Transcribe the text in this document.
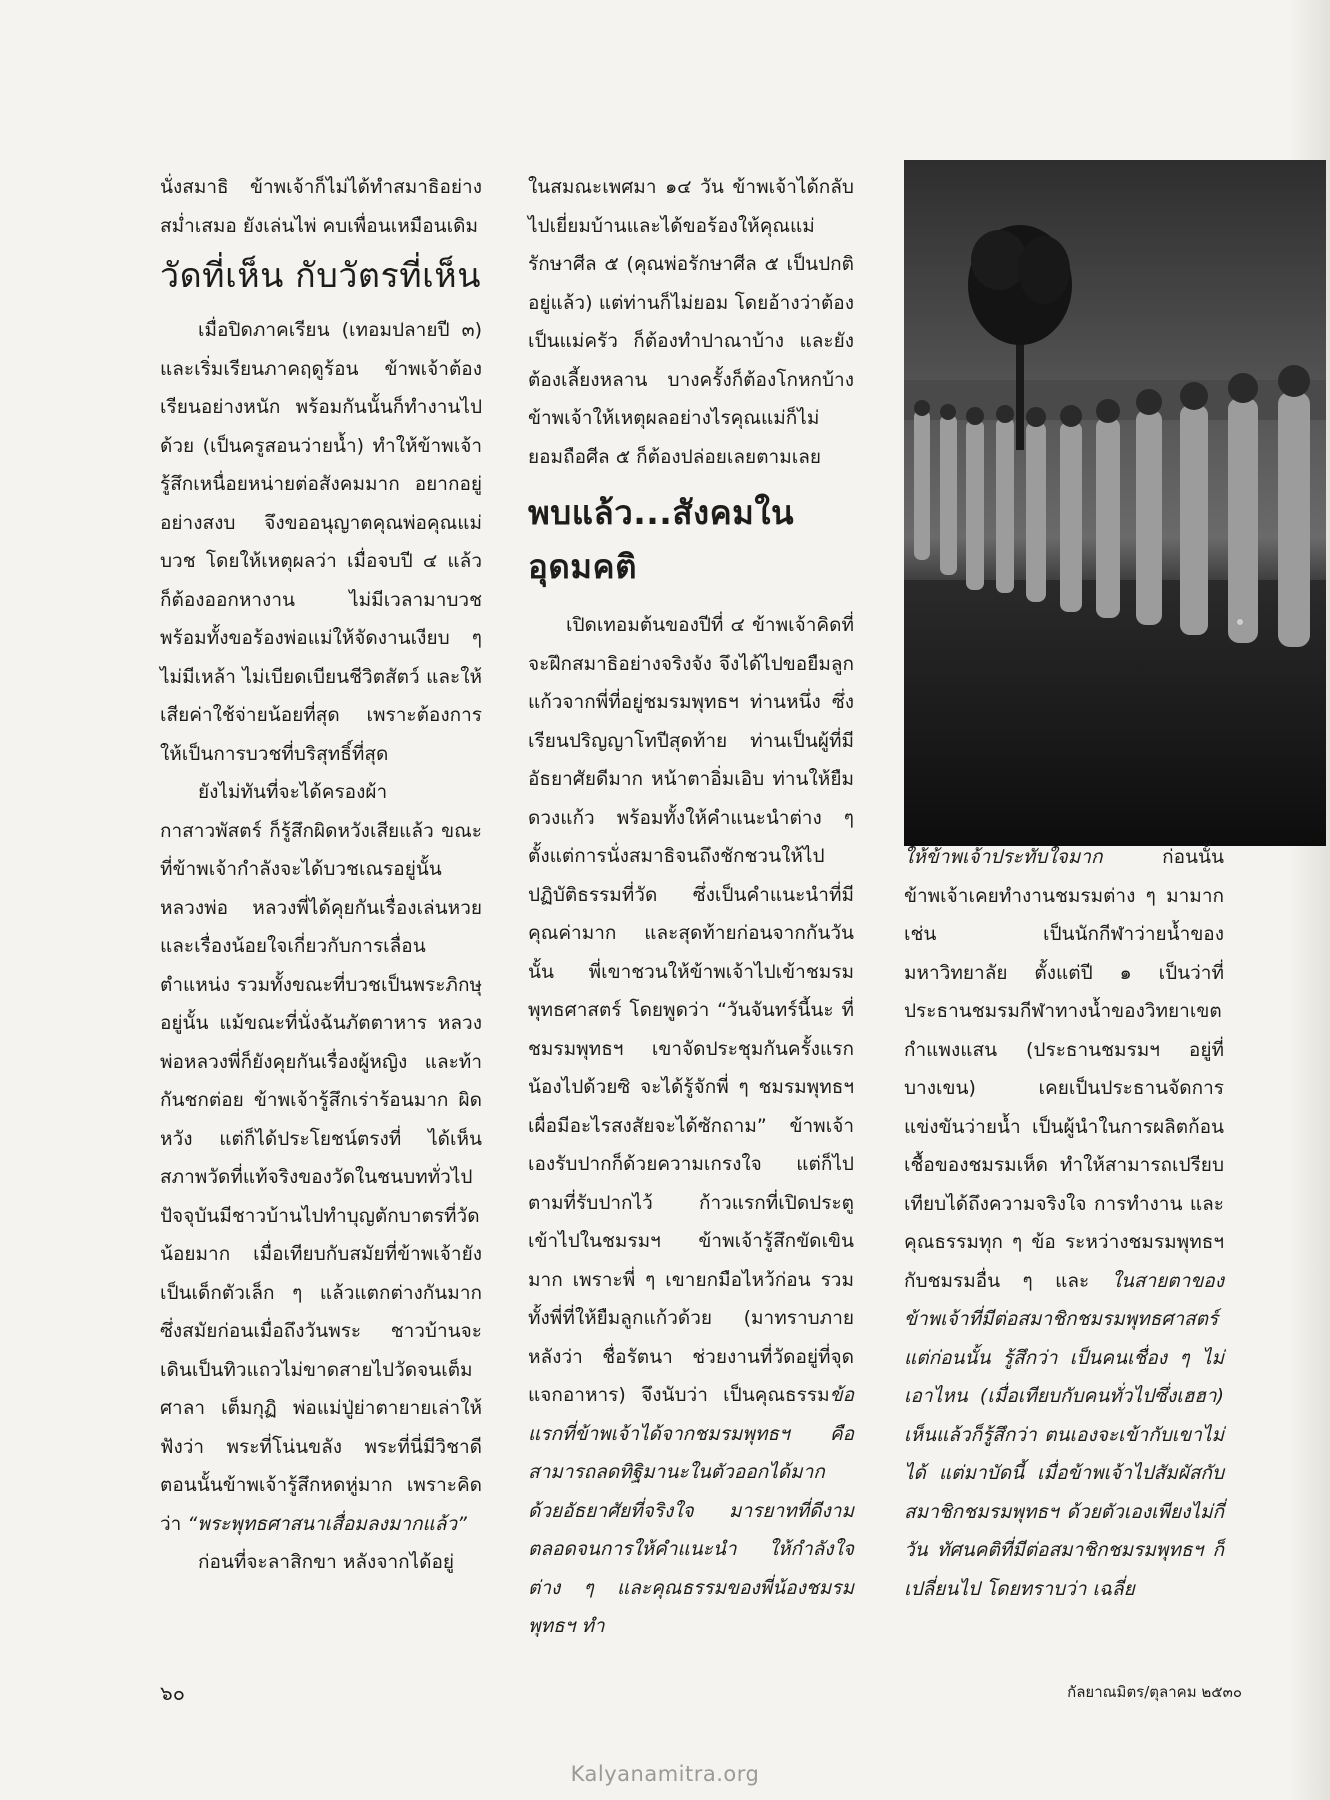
นั่งสมาธิ ข้าพเจ้าก็ไม่ได้ทำสมาธิอย่างสม่ำเสมอ ยังเล่นไพ่ คบเพื่อนเหมือนเดิม

วัดที่เห็น กับวัตรที่เห็น

เมื่อปิดภาคเรียน (เทอมปลายปี ๓) และเริ่มเรียนภาคฤดูร้อน ข้าพเจ้าต้องเรียนอย่างหนัก พร้อมกันนั้นก็ทำงานไปด้วย (เป็นครูสอนว่ายน้ำ) ทำให้ข้าพเจ้ารู้สึกเหนื่อยหน่ายต่อสังคมมาก อยากอยู่อย่างสงบ จึงขออนุญาตคุณพ่อคุณแม่บวช โดยให้เหตุผลว่า เมื่อจบปี ๔ แล้ว ก็ต้องออกหางาน ไม่มีเวลามาบวช พร้อมทั้งขอร้องพ่อแม่ให้จัดงานเงียบ ๆ ไม่มีเหล้า ไม่เบียดเบียนชีวิตสัตว์ และให้เสียค่าใช้จ่ายน้อยที่สุด เพราะต้องการให้เป็นการบวชที่บริสุทธิ์ที่สุด

ยังไม่ทันที่จะได้ครองผ้ากาสาวพัสตร์ ก็รู้สึกผิดหวังเสียแล้ว ขณะที่ข้าพเจ้ากำลังจะได้บวชเณรอยู่นั้น หลวงพ่อ หลวงพี่ได้คุยกันเรื่องเล่นหวย และเรื่องน้อยใจเกี่ยวกับการเลื่อนตำแหน่ง รวมทั้งขณะที่บวชเป็นพระภิกษุอยู่นั้น แม้ขณะที่นั่งฉันภัตตาหาร หลวงพ่อหลวงพี่ก็ยังคุยกันเรื่องผู้หญิง และท้ากันชกต่อย ข้าพเจ้ารู้สึกเร่าร้อนมาก ผิดหวัง แต่ก็ได้ประโยชน์ตรงที่ ได้เห็นสภาพวัดที่แท้จริงของวัดในชนบททั่วไป ปัจจุบันมีชาวบ้านไปทำบุญตักบาตรที่วัดน้อยมาก เมื่อเทียบกับสมัยที่ข้าพเจ้ายังเป็นเด็กตัวเล็ก ๆ แล้วแตกต่างกันมาก ซึ่งสมัยก่อนเมื่อถึงวันพระ ชาวบ้านจะเดินเป็นทิวแถวไม่ขาดสายไปวัดจนเต็มศาลา เต็มกุฏิ พ่อแม่ปู่ย่าตายายเล่าให้ฟังว่า พระที่โน่นขลัง พระที่นี่มีวิชาดี ตอนนั้นข้าพเจ้ารู้สึกหดหู่มาก เพราะคิดว่า “พระพุทธศาสนาเสื่อมลงมากแล้ว”

ก่อนที่จะลาสิกขา หลังจากได้อยู่

ในสมณะเพศมา ๑๔ วัน ข้าพเจ้าได้กลับไปเยี่ยมบ้านและได้ขอร้องให้คุณแม่รักษาศีล ๕ (คุณพ่อรักษาศีล ๕ เป็นปกติอยู่แล้ว) แต่ท่านก็ไม่ยอม โดยอ้างว่าต้องเป็นแม่ครัว ก็ต้องทำปาณาบ้าง และยังต้องเลี้ยงหลาน บางครั้งก็ต้องโกหกบ้าง ข้าพเจ้าให้เหตุผลอย่างไรคุณแม่ก็ไม่ยอมถือศีล ๕ ก็ต้องปล่อยเลยตามเลย

พบแล้ว...สังคมในอุดมคติ

เปิดเทอมต้นของปีที่ ๔ ข้าพเจ้าคิดที่จะฝึกสมาธิอย่างจริงจัง จึงได้ไปขอยืมลูกแก้วจากพี่ที่อยู่ชมรมพุทธฯ ท่านหนึ่ง ซึ่งเรียนปริญญาโทปีสุดท้าย ท่านเป็นผู้ที่มีอัธยาศัยดีมาก หน้าตาอิ่มเอิบ ท่านให้ยืมดวงแก้ว พร้อมทั้งให้คำแนะนำต่าง ๆ ตั้งแต่การนั่งสมาธิจนถึงชักชวนให้ไปปฏิบัติธรรมที่วัด ซึ่งเป็นคำแนะนำที่มีคุณค่ามาก และสุดท้ายก่อนจากกันวันนั้น พี่เขาชวนให้ข้าพเจ้าไปเข้าชมรมพุทธศาสตร์ โดยพูดว่า “วันจันทร์นี้นะ ที่ชมรมพุทธฯ เขาจัดประชุมกันครั้งแรก น้องไปด้วยซิ จะได้รู้จักพี่ ๆ ชมรมพุทธฯ เผื่อมีอะไรสงสัยจะได้ซักถาม” ข้าพเจ้าเองรับปากก็ด้วยความเกรงใจ แต่ก็ไปตามที่รับปากไว้ ก้าวแรกที่เปิดประตูเข้าไปในชมรมฯ ข้าพเจ้ารู้สึกขัดเขินมาก เพราะพี่ ๆ เขายกมือไหว้ก่อน รวมทั้งพี่ที่ให้ยืมลูกแก้วด้วย (มาทราบภายหลังว่า ชื่อรัตนา ช่วยงานที่วัดอยู่ที่จุดแจกอาหาร) จึงนับว่า เป็นคุณธรรมข้อแรกที่ข้าพเจ้าได้จากชมรมพุทธฯ คือ สามารถลดทิฐิมานะในตัวออกได้มาก ด้วยอัธยาศัยที่จริงใจ มารยาทที่ดีงาม ตลอดจนการให้คำแนะนำ ให้กำลังใจต่าง ๆ และคุณธรรมของพี่น้องชมรมพุทธฯ ทำ

ให้ข้าพเจ้าประทับใจมาก	ก่อนนั้นข้าพเจ้าเคยทำงานชมรมต่าง ๆ มามาก เช่น เป็นนักกีฬาว่ายน้ำของมหาวิทยาลัย ตั้งแต่ปี ๑ เป็นว่าที่ประธานชมรมกีฬาทางน้ำของวิทยาเขตกำแพงแสน (ประธานชมรมฯ อยู่ที่บางเขน) เคยเป็นประธานจัดการแข่งขันว่ายน้ำ เป็นผู้นำในการผลิตก้อนเชื้อของชมรมเห็ด ทำให้สามารถเปรียบเทียบได้ถึงความจริงใจ การทำงาน และคุณธรรมทุก ๆ ข้อ ระหว่างชมรมพุทธฯกับชมรมอื่น ๆ และ ในสายตาของข้าพเจ้าที่มีต่อสมาชิกชมรมพุทธศาสตร์แต่ก่อนนั้น รู้สึกว่า เป็นคนเชื่อง ๆ ไม่เอาไหน (เมื่อเทียบกับคนทั่วไปซึ่งเฮฮา) เห็นแล้วก็รู้สึกว่า ตนเองจะเข้ากับเขาไม่ได้ แต่มาบัดนี้ เมื่อข้าพเจ้าไปสัมผัสกับสมาชิกชมรมพุทธฯ ด้วยตัวเองเพียงไม่กี่วัน ทัศนคติที่มีต่อสมาชิกชมรมพุทธฯ ก็เปลี่ยนไป โดยทราบว่า เฉลี่ย

๖๐	กัลยาณมิตร/ตุลาคม ๒๕๓๐
Kalyanamitra.org
